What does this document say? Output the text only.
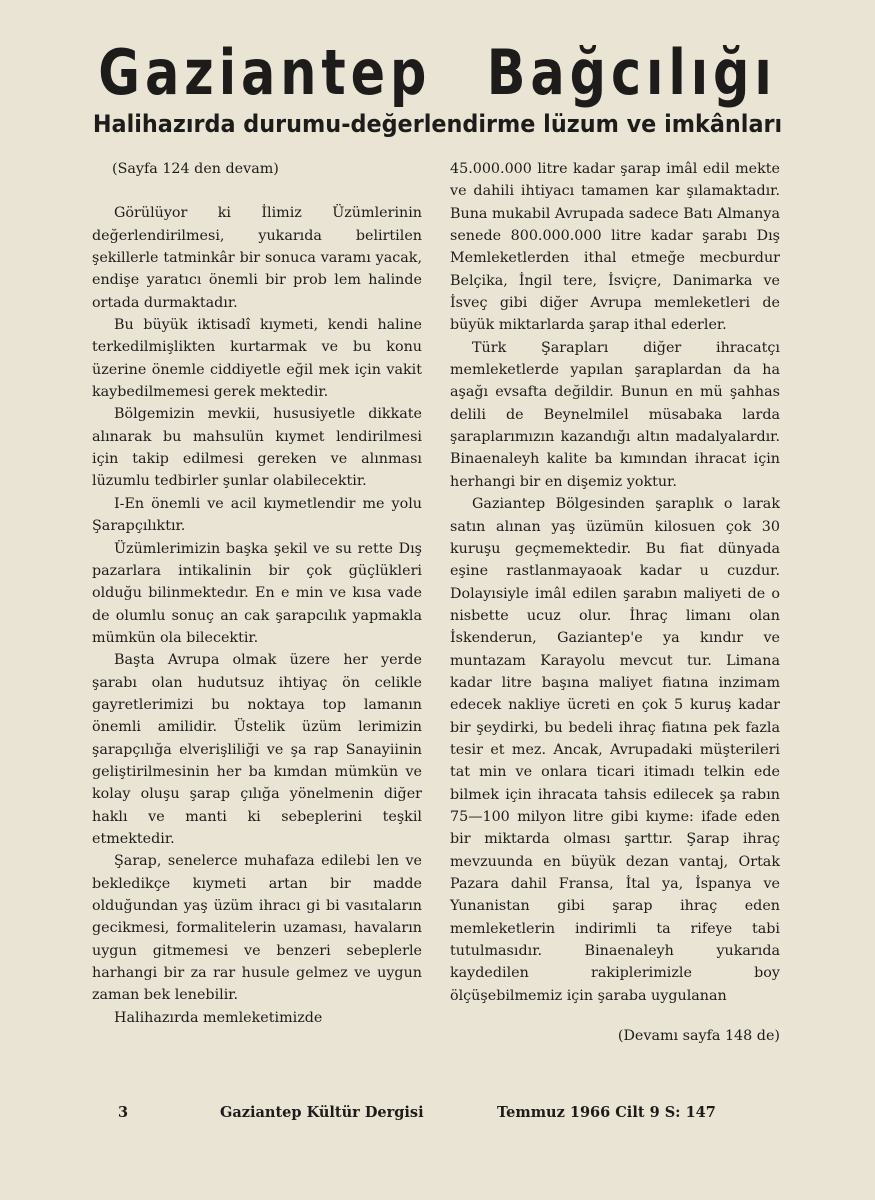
Gaziantep Bağcılığı
Halihazırda durumu-değerlendirme lüzum ve imkânları

(Sayfa 124 den devam)

Görülüyor ki İlimiz Üzümlerinin değerlendirilmesi, yukarıda belirtilen şekillerle tatminkâr bir sonuca varamı yacak, endişe yaratıcı önemli bir prob lem halinde ortada durmaktadır.

Bu büyük iktisadî kıymeti, kendi haline terkedilmişlikten kurtarmak ve bu konu üzerine önemle ciddiyetle eğil mek için vakit kaybedilmemesi gerek mektedir.

Bölgemizin mevkii, hususiyetle dikkate alınarak bu mahsulün kıymet lendirilmesi için takip edilmesi gereken ve alınması lüzumlu tedbirler şunlar olabilecektir.

I-En önemli ve acil kıymetlendir me yolu Şarapçılıktır.

Üzümlerimizin başka şekil ve su rette Dış pazarlara intikalinin bir çok güçlükleri olduğu bilinmektedır. En e min ve kısa vade de olumlu sonuç an cak şarapcılık yapmakla mümkün ola bilecektir.

Başta Avrupa olmak üzere her yerde şarabı olan hudutsuz ihtiyaç ön celikle gayretlerimizi bu noktaya top lamanın önemli amilidir. Üstelik üzüm lerimizin şarapçılığa elverişliliği ve şa rap Sanayiinin geliştirilmesinin her ba kımdan mümkün ve kolay oluşu şarap çılığa yönelmenin diğer haklı ve manti ki sebeplerini teşkil etmektedir.

Şarap, senelerce muhafaza edilebi len ve bekledikçe kıymeti artan bir madde olduğundan yaş üzüm ihracı gi bi vasıtaların gecikmesi, formalitelerin uzaması, havaların uygun gitmemesi ve benzeri sebeplerle harhangi bir za rar husule gelmez ve uygun zaman bek lenebilir.

Halihazırda memleketimizde

45.000.000 litre kadar şarap imâl edil mekte ve dahili ihtiyacı tamamen kar şılamaktadır. Buna mukabil Avrupada sadece Batı Almanya senede 800.000.000 litre kadar şarabı Dış Memleketlerden ithal etmeğe mecburdur Belçika, İngil tere, İsviçre, Danimarka ve İsveç gibi diğer Avrupa memleketleri de büyük miktarlarda şarap ithal ederler.

Türk Şarapları diğer ihracatçı memleketlerde yapılan şaraplardan da ha aşağı evsafta değildir. Bunun en mü şahhas delili de Beynelmilel müsabaka larda şaraplarımızın kazandığı altın madalyalardır. Binaenaleyh kalite ba kımından ihracat için herhangi bir en dişemiz yoktur.

Gaziantep Bölgesinden şaraplık o larak satın alınan yaş üzümün kilosuen çok 30 kuruşu geçmemektedir. Bu fiat dünyada eşine rastlanmayaoak kadar u cuzdur. Dolayısiyle imâl edilen şarabın maliyeti de o nisbette ucuz olur. İhraç limanı olan İskenderun, Gaziantep'e ya kındır ve muntazam Karayolu mevcut tur. Limana kadar litre başına maliyet fiatına inzimam edecek nakliye ücreti en çok 5 kuruş kadar bir şeydirki, bu bedeli ihraç fiatına pek fazla tesir et mez. Ancak, Avrupadaki müşterileri tat min ve onlara ticari itimadı telkin ede bilmek için ihracata tahsis edilecek şa rabın 75—100 milyon litre gibi kıyme: ifade eden bir miktarda olması şarttır. Şarap ihraç mevzuunda en büyük dezan vantaj, Ortak Pazara dahil Fransa, İtal ya, İspanya ve Yunanistan gibi şarap ihraç eden memleketlerin indirimli ta rifeye tabi tutulmasıdır. Binaenaleyh yukarıda kaydedilen rakiplerimizle boy ölçüşebilmemiz için şaraba uygulanan

(Devamı sayfa 148 de)

3	Gaziantep Kültür Dergisi	Temmuz 1966 Cilt 9 S: 147
